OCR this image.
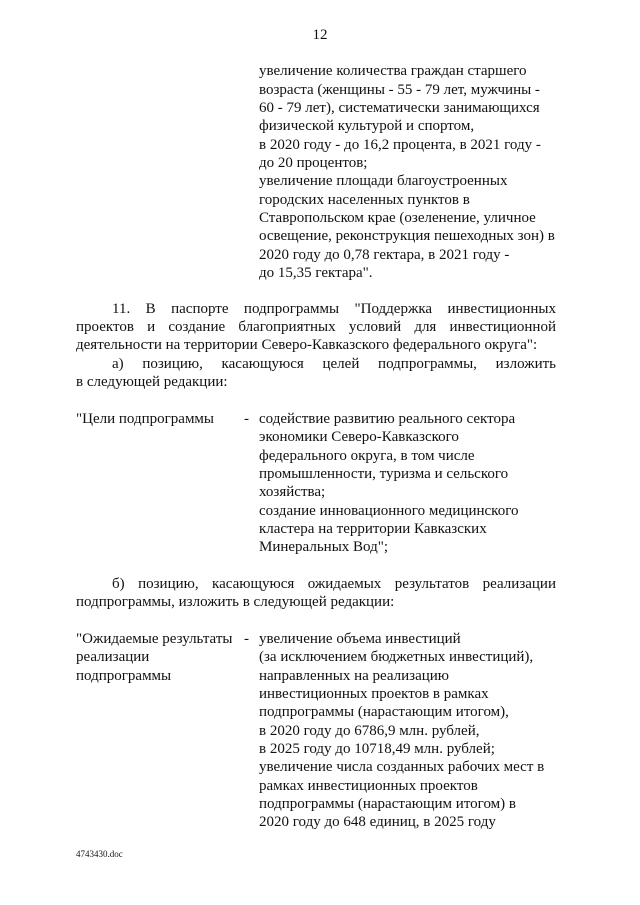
12
увеличение количества граждан старшего
возраста (женщины - 55 - 79 лет, мужчины -
60 - 79 лет), систематически занимающихся
физической культурой и спортом,
в 2020 году - до 16,2 процента, в 2021 году -
до 20 процентов;
увеличение площади благоустроенных
городских населенных пунктов в
Ставропольском крае (озеленение, уличное
освещение, реконструкция пешеходных зон) в
2020 году до 0,78 гектара, в 2021 году -
до 15,35 гектара".
11. В паспорте подпрограммы "Поддержка инвестиционных
проектов и создание благоприятных условий для инвестиционной
деятельности на территории Северо-Кавказского федерального округа":
а) позицию, касающуюся целей подпрограммы, изложить
в следующей редакции:
"Цели подпрограммы - содействие развитию реального сектора
экономики Северо-Кавказского
федерального округа, в том числе
промышленности, туризма и сельского
хозяйства;
создание инновационного медицинского
кластера на территории Кавказских
Минеральных Вод";
б) позицию, касающуюся ожидаемых результатов реализации
подпрограммы, изложить в следующей редакции:
"Ожидаемые результаты
реализации
подпрограммы
- увеличение объема инвестиций
(за исключением бюджетных инвестиций),
направленных на реализацию
инвестиционных проектов в рамках
подпрограммы (нарастающим итогом),
в 2020 году до 6786,9 млн. рублей,
в 2025 году до 10718,49 млн. рублей;
увеличение числа созданных рабочих мест в
рамках инвестиционных проектов
подпрограммы (нарастающим итогом) в
2020 году до 648 единиц, в 2025 году
4743430.doc
